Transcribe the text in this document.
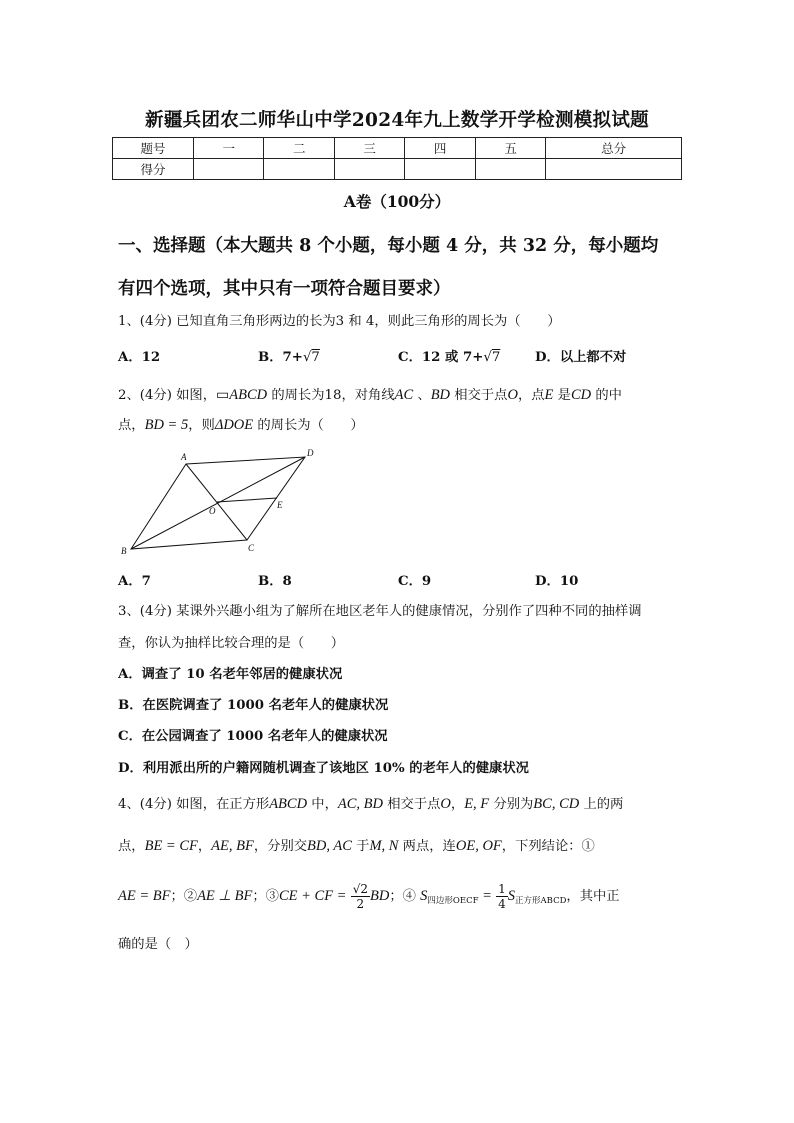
新疆兵团农二师华山中学2024年九上数学开学检测模拟试题
题号	一	二	三	四	五	总分
得分						
A卷（100分）
一、选择题（本大题共 8 个小题，每小题 4 分，共 32 分，每小题均
有四个选项，其中只有一项符合题目要求）
1、(4分) 已知直角三角形两边的长为3 和 4，则此三角形的周长为（　　）
A．12	B．7+√7	C．12 或 7+√7	D．以上都不对
2、(4分) 如图，▭ABCD 的周长为18，对角线AC 、BD 相交于点O，点E 是CD 的中
点，BD = 5，则ΔDOE 的周长为（　　）
A	D
O
E
B	C
A．7	B．8	C．9	D．10
3、(4分) 某课外兴趣小组为了解所在地区老年人的健康情况，分别作了四种不同的抽样调
查，你认为抽样比较合理的是（　　）
A．调查了 10 名老年邻居的健康状况
B．在医院调查了 1000 名老年人的健康状况
C．在公园调查了 1000 名老年人的健康状况
D．利用派出所的户籍网随机调查了该地区 10% 的老年人的健康状况
4、(4分) 如图，在正方形ABCD 中，AC, BD 相交于点O，E, F 分别为BC, CD 上的两
点，BE = CF，AE, BF，分别交BD, AC 于M, N 两点，连OE, OF，下列结论：①
AE = BF；②AE ⊥ BF；③CE + CF = $\frac{√2}{2}$ BD；④ $S_{四边形OECF} = \frac{1}{4} S_{正方形ABCD}$，其中正
确的是（　）
